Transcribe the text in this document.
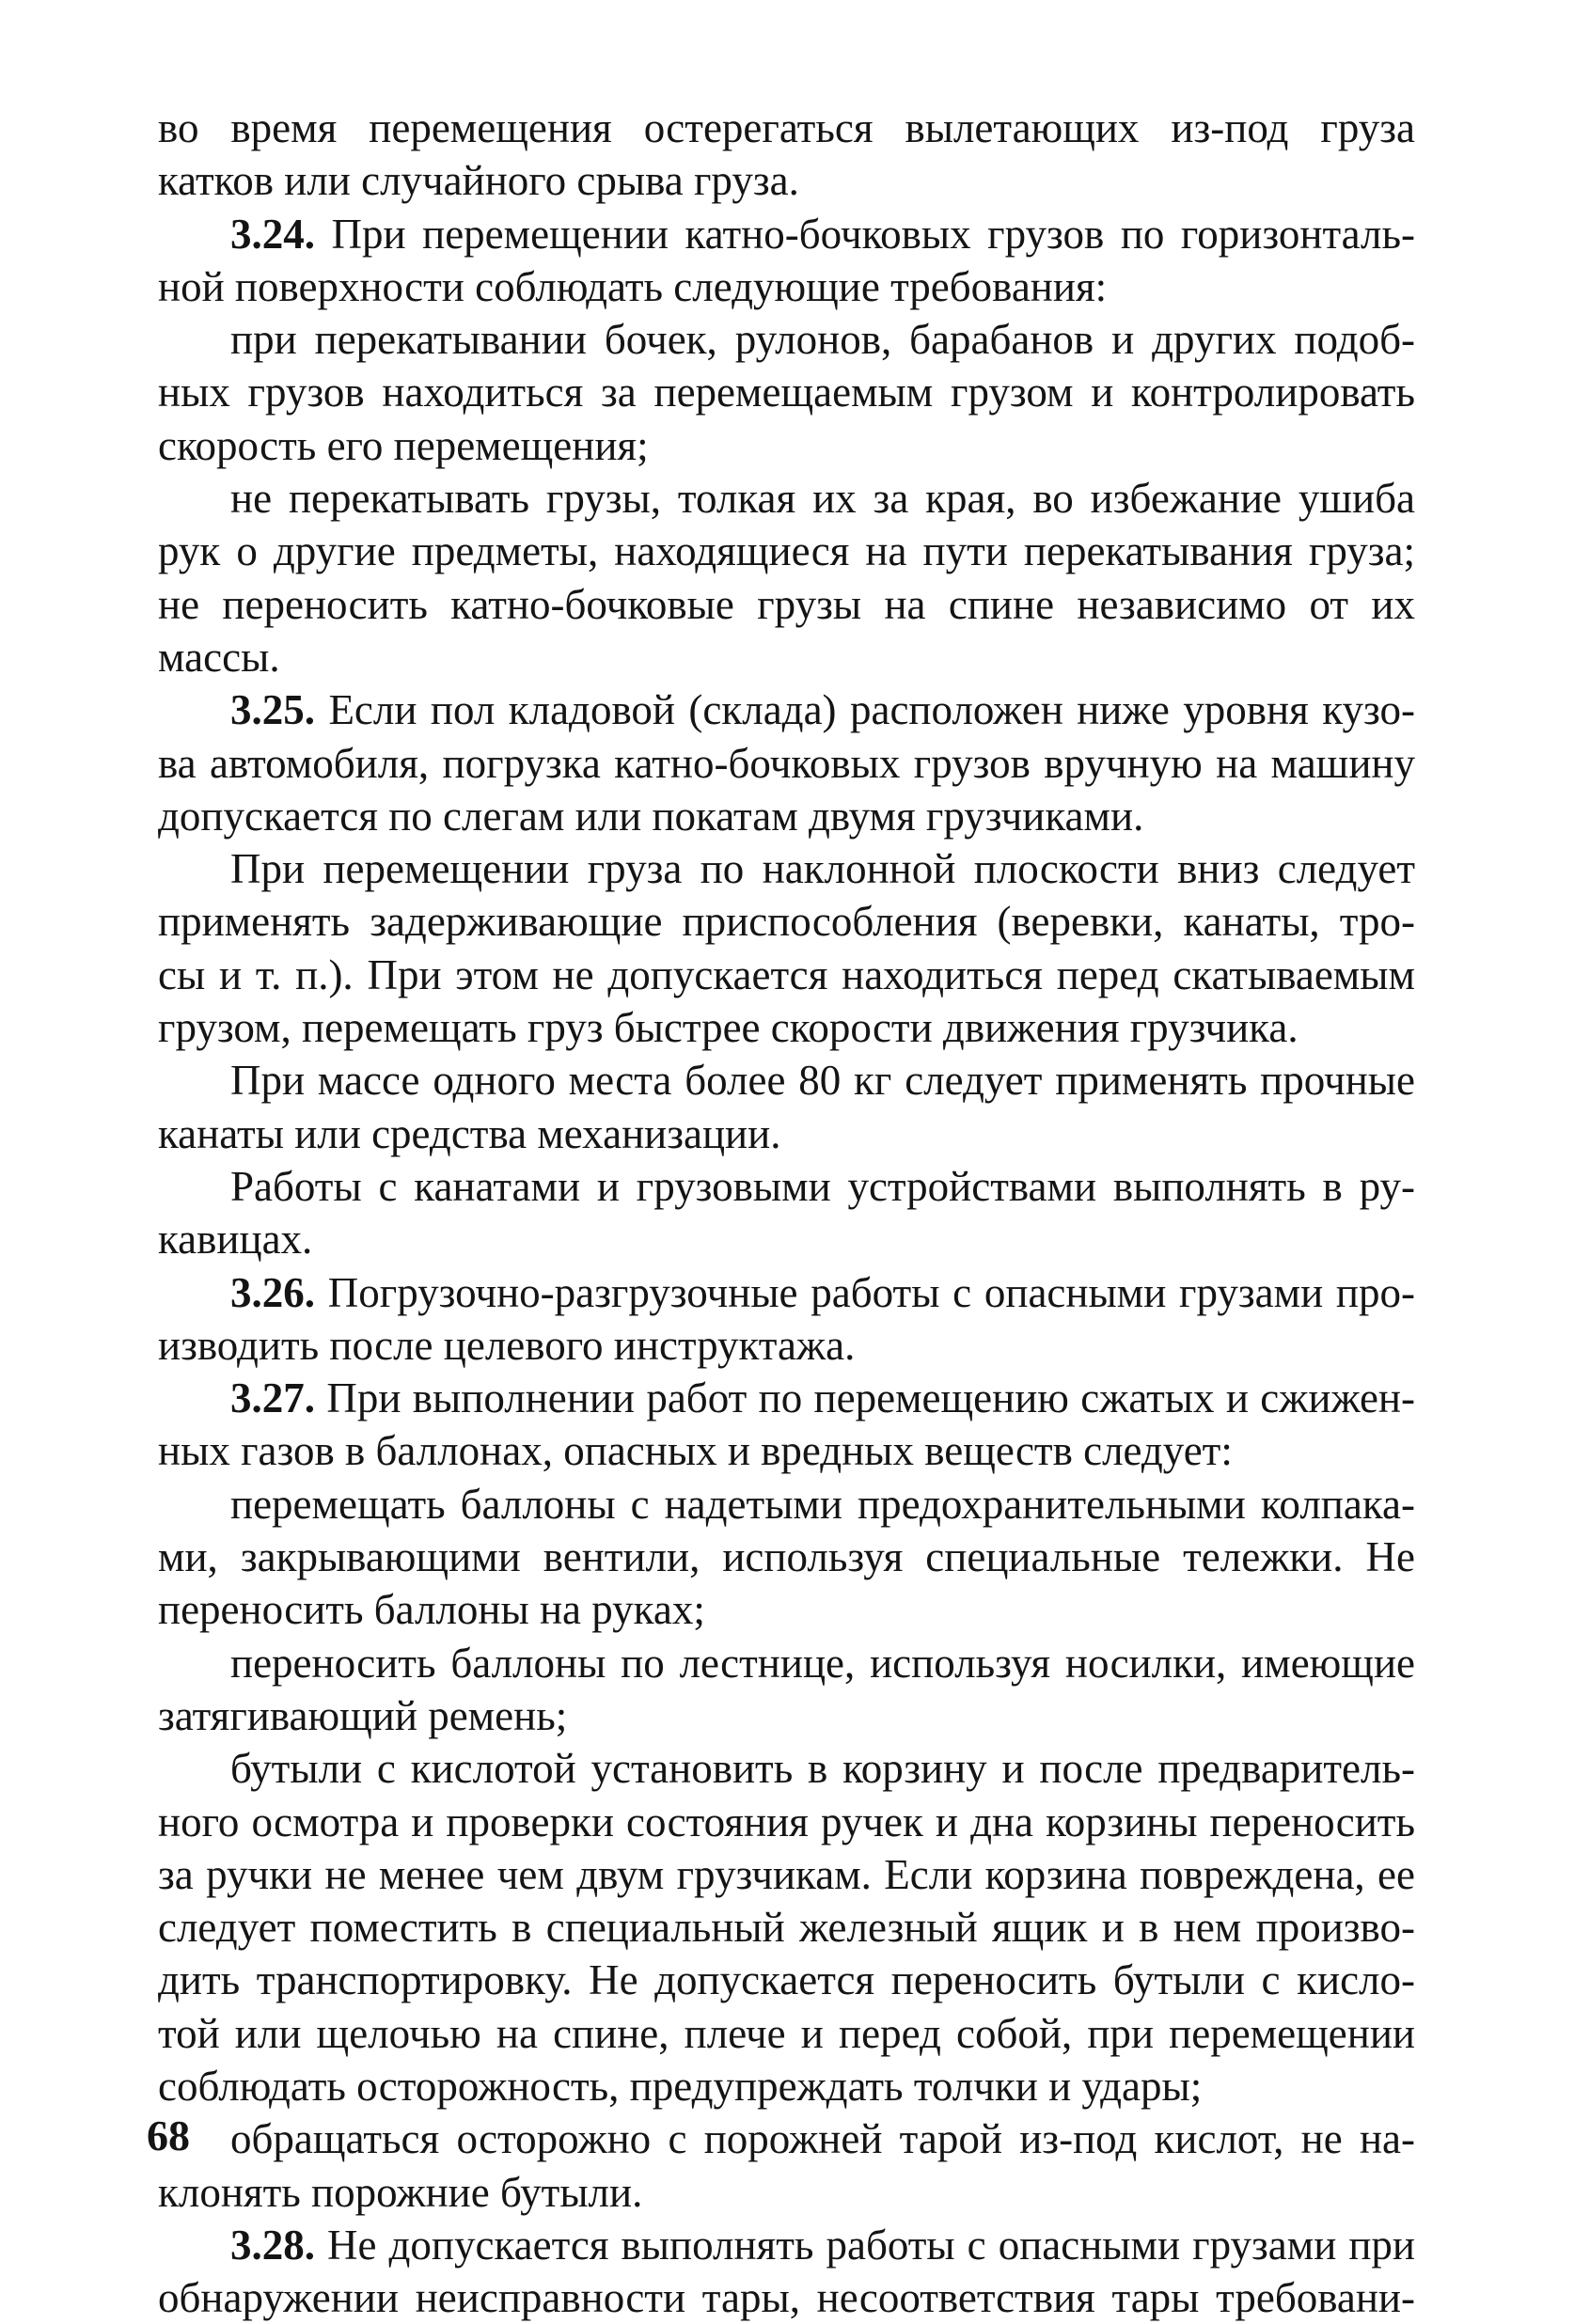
во время перемещения остерегаться вылетающих из-под груза
катков или случайного срыва груза.
3.24. При перемещении катно-бочковых грузов по горизонталь-
ной поверхности соблюдать следующие требования:
при перекатывании бочек, рулонов, барабанов и других подоб-
ных грузов находиться за перемещаемым грузом и контролировать
скорость его перемещения;
не перекатывать грузы, толкая их за края, во избежание ушиба
рук о другие предметы, находящиеся на пути перекатывания груза;
не переносить катно-бочковые грузы на спине независимо от их
массы.
3.25. Если пол кладовой (склада) расположен ниже уровня кузо-
ва автомобиля, погрузка катно-бочковых грузов вручную на машину
допускается по слегам или покатам двумя грузчиками.
При перемещении груза по наклонной плоскости вниз следует
применять задерживающие приспособления (веревки, канаты, тро-
сы и т. п.). При этом не допускается находиться перед скатываемым
грузом, перемещать груз быстрее скорости движения грузчика.
При массе одного места более 80 кг следует применять прочные
канаты или средства механизации.
Работы с канатами и грузовыми устройствами выполнять в ру-
кавицах.
3.26. Погрузочно-разгрузочные работы с опасными грузами про-
изводить после целевого инструктажа.
3.27. При выполнении работ по перемещению сжатых и сжижен-
ных газов в баллонах, опасных и вредных веществ следует:
перемещать баллоны с надетыми предохранительными колпака-
ми, закрывающими вентили, используя специальные тележки. Не
переносить баллоны на руках;
переносить баллоны по лестнице, используя носилки, имеющие
затягивающий ремень;
бутыли с кислотой установить в корзину и после предваритель-
ного осмотра и проверки состояния ручек и дна корзины переносить
за ручки не менее чем двум грузчикам. Если корзина повреждена, ее
следует поместить в специальный железный ящик и в нем произво-
дить транспортировку. Не допускается переносить бутыли с кисло-
той или щелочью на спине, плече и перед собой, при перемещении
соблюдать осторожность, предупреждать толчки и удары;
обращаться осторожно с порожней тарой из-под кислот, не на-
клонять порожние бутыли.
3.28. Не допускается выполнять работы с опасными грузами при
обнаружении неисправности тары, несоответствия тары требовани-
68
